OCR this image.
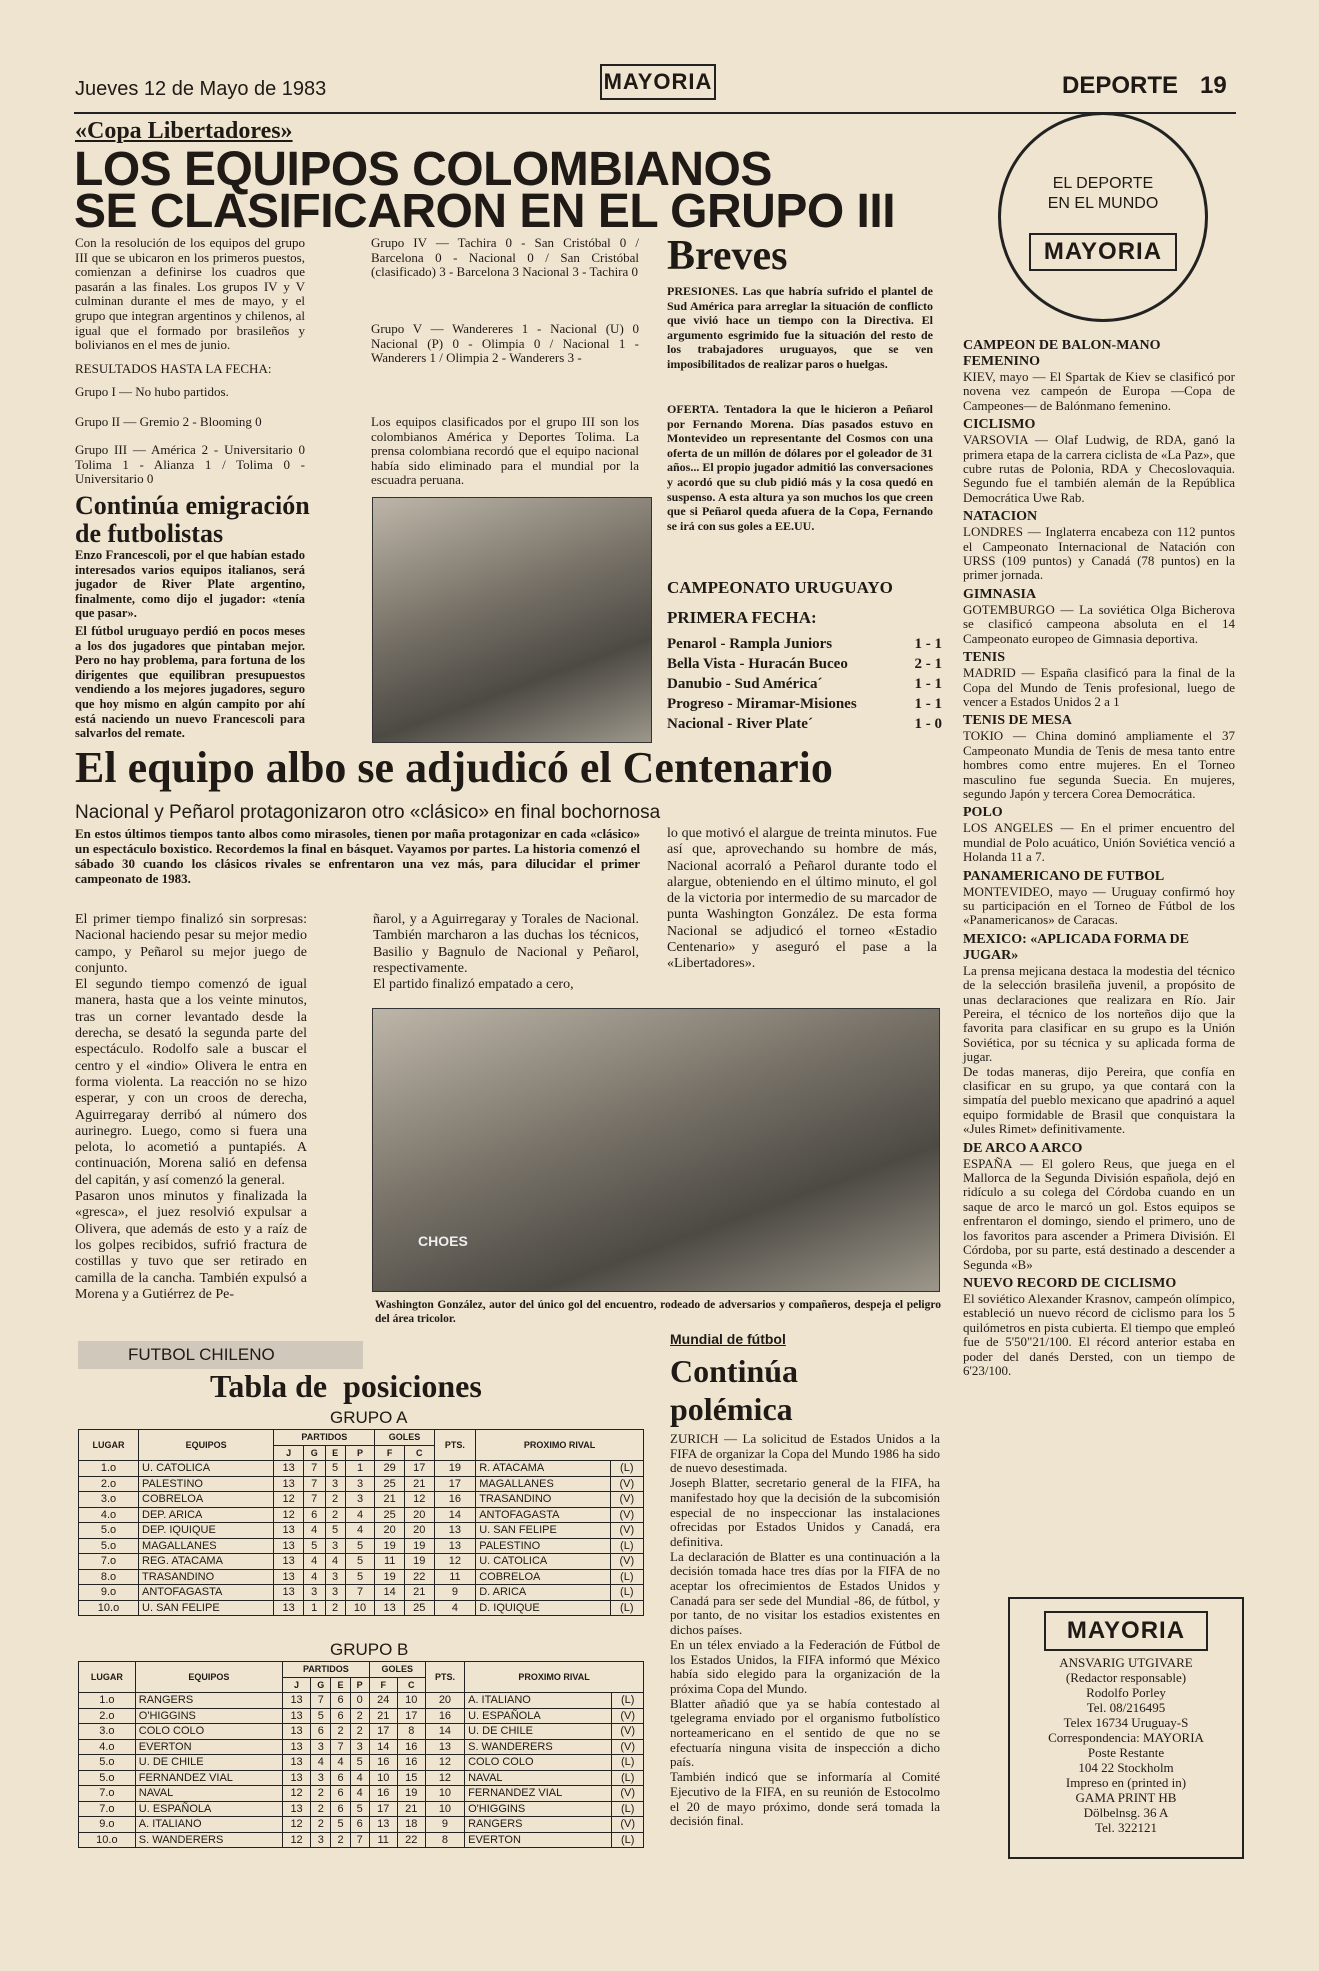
Jueves 12 de Mayo de 1983	MAYORIA	DEPORTE 19
«Copa Libertadores»
LOS EQUIPOS COLOMBIANOS
SE CLASIFICARON EN EL GRUPO III
EL DEPORTE
EN EL MUNDO
MAYORIA
Con la resolución de los equipos del grupo III que se ubicaron en los primeros puestos, comienzan a definirse los cuadros que pasarán a las finales. Los grupos IV y V culminan durante el mes de mayo, y el grupo que integran argentinos y chilenos, al igual que el formado por brasileños y bolivianos en el mes de junio.
RESULTADOS HASTA LA FECHA:
Grupo I — No hubo partidos.
Grupo II — Gremio 2 - Blooming 0
Grupo III — América 2 - Universitario 0 Tolima 1 - Alianza 1 / Tolima 0 - Universitario 0
Continúa emigración de futbolistas
Enzo Francescoli, por el que habían estado interesados varios equipos italianos, será jugador de River Plate argentino, finalmente, como dijo el jugador: «tenía que pasar».
El fútbol uruguayo perdió en pocos meses a los dos jugadores que pintaban mejor. Pero no hay problema, para fortuna de los dirigentes que equilibran presupuestos vendiendo a los mejores jugadores, seguro que hoy mismo en algún campito por ahí está naciendo un nuevo Francescoli para salvarlos del remate.
Grupo IV — Tachira 0 - San Cristóbal 0 / Barcelona 0 - Nacional 0 / San Cristóbal (clasificado) 3 - Barcelona 3 Nacional 3 - Tachira 0
Grupo V — Wandereres 1 - Nacional (U) 0 Nacional (P) 0 - Olimpia 0 / Nacional 1 - Wanderers 1 / Olimpia 2 - Wanderers 3 -
Los equipos clasificados por el grupo III son los colombianos América y Deportes Tolima. La prensa colombiana recordó que el equipo nacional había sido eliminado para el mundial por la escuadra peruana.
Breves
PRESIONES. Las que habría sufrido el plantel de Sud América para arreglar la situación de conflicto que vivió hace un tiempo con la Directiva. El argumento esgrimido fue la situación del resto de los trabajadores uruguayos, que se ven imposibilitados de realizar paros o huelgas.
OFERTA. Tentadora la que le hicieron a Peñarol por Fernando Morena. Días pasados estuvo en Montevideo un representante del Cosmos con una oferta de un millón de dólares por el goleador de 31 años... El propio jugador admitió las conversaciones y acordó que su club pidió más y la cosa quedó en suspenso. A esta altura ya son muchos los que creen que si Peñarol queda afuera de la Copa, Fernando se irá con sus goles a EE.UU.
CAMPEONATO URUGUAYO
PRIMERA FECHA:
Penarol - Rampla Juniors	1 - 1
Bella Vista - Huracán Buceo	2 - 1
Danubio - Sud América´	1 - 1
Progreso - Miramar-Misiones	1 - 1
Nacional - River Plate´	1 - 0
El equipo albo se adjudicó el Centenario
Nacional y Peñarol protagonizaron otro «clásico» en final bochornosa
En estos últimos tiempos tanto albos como mirasoles, tienen por maña protagonizar en cada «clásico» un espectáculo boxistico. Recordemos la final en básquet. Vayamos por partes. La historia comenzó el sábado 30 cuando los clásicos rivales se enfrentaron una vez más, para dilucidar el primer campeonato de 1983.
El primer tiempo finalizó sin sorpresas: Nacional haciendo pesar su mejor medio campo, y Peñarol su mejor juego de conjunto.
El segundo tiempo comenzó de igual manera, hasta que a los veinte minutos, tras un corner levantado desde la derecha, se desató la segunda parte del espectáculo. Rodolfo sale a buscar el centro y el «indio» Olivera le entra en forma violenta. La reacción no se hizo esperar, y con un croos de derecha, Aguirregaray derribó al número dos aurinegro. Luego, como si fuera una pelota, lo acometió a puntapiés. A continuación, Morena salió en defensa del capitán, y así comenzó la general.
Pasaron unos minutos y finalizada la «gresca», el juez resolvió expulsar a Olivera, que además de esto y a raíz de los golpes recibidos, sufrió fractura de costillas y tuvo que ser retirado en camilla de la cancha. También expulsó a Morena y a Gutiérrez de Pe-
ñarol, y a Aguirregaray y Torales de Nacional. También marcharon a las duchas los técnicos, Basilio y Bagnulo de Nacional y Peñarol, respectivamente.
El partido finalizó empatado a cero,
lo que motivó el alargue de treinta minutos. Fue así que, aprovechando su hombre de más, Nacional acorraló a Peñarol durante todo el alargue, obteniendo en el último minuto, el gol de la victoria por intermedio de su marcador de punta Washington González. De esta forma Nacional se adjudicó el torneo «Estadio Centenario» y aseguró el pase a la «Libertadores».
CHOES
Washington González, autor del único gol del encuentro, rodeado de adversarios y compañeros, despeja el peligro del área tricolor.
FUTBOL CHILENO
Tabla de  posiciones
GRUPO A
LUGAR	EQUIPOS	PARTIDOS				GOLES		PTS.	PROXIMO RIVAL	
		J	G	E	P	F	C			
1.o	U. CATOLICA	13	7	5	1	29	17	19	R. ATACAMA	(L)
2.o	PALESTINO	13	7	3	3	25	21	17	MAGALLANES	(V)
3.o	COBRELOA	12	7	2	3	21	12	16	TRASANDINO	(V)
4.o	DEP. ARICA	12	6	2	4	25	20	14	ANTOFAGASTA	(V)
5.o	DEP. IQUIQUE	13	4	5	4	20	20	13	U. SAN FELIPE	(V)
5.o	MAGALLANES	13	5	3	5	19	19	13	PALESTINO	(L)
7.o	REG. ATACAMA	13	4	4	5	11	19	12	U. CATOLICA	(V)
8.o	TRASANDINO	13	4	3	5	19	22	11	COBRELOA	(L)
9.o	ANTOFAGASTA	13	3	3	7	14	21	9	D. ARICA	(L)
10.o	U. SAN FELIPE	13	1	2	10	13	25	4	D. IQUIQUE	(L)
GRUPO B
LUGAR	EQUIPOS	PARTIDOS				GOLES		PTS.	PROXIMO RIVAL	
		J	G	E	P	F	C			
1.o	RANGERS	13	7	6	0	24	10	20	A. ITALIANO	(L)
2.o	O'HIGGINS	13	5	6	2	21	17	16	U. ESPAÑOLA	(V)
3.o	COLO COLO	13	6	2	2	17	8	14	U. DE CHILE	(V)
4.o	EVERTON	13	3	7	3	14	16	13	S. WANDERERS	(V)
5.o	U. DE CHILE	13	4	4	5	16	16	12	COLO COLO	(L)
5.o	FERNANDEZ VIAL	13	3	6	4	10	15	12	NAVAL	(L)
7.o	NAVAL	12	2	6	4	16	19	10	FERNANDEZ VIAL	(V)
7.o	U. ESPAÑOLA	13	2	6	5	17	21	10	O'HIGGINS	(L)
9.o	A. ITALIANO	12	2	5	6	13	18	9	RANGERS	(V)
10.o	S. WANDERERS	12	3	2	7	11	22	8	EVERTON	(L)
Mundial de fútbol
Continúa polémica
ZURICH — La solicitud de Estados Unidos a la FIFA de organizar la Copa del Mundo 1986 ha sido de nuevo desestimada.
Joseph Blatter, secretario general de la FIFA, ha manifestado hoy que la decisión de la subcomisión especial de no inspeccionar las instalaciones ofrecidas por Estados Unidos y Canadá, era definitiva.
La declaración de Blatter es una continuación a la decisión tomada hace tres días por la FIFA de no aceptar los ofrecimientos de Estados Unidos y Canadá para ser sede del Mundial -86, de fútbol, y por tanto, de no visitar los estadios existentes en dichos países.
En un télex enviado a la Federación de Fútbol de los Estados Unidos, la FIFA informó que México había sido elegido para la organización de la próxima Copa del Mundo.
Blatter añadió que ya se había contestado al tgelegrama enviado por el organismo futbolístico norteamericano en el sentido de que no se efectuaría ninguna visita de inspección a dicho país.
También indicó que se informaría al Comité Ejecutivo de la FIFA, en su reunión de Estocolmo el 20 de mayo próximo, donde será tomada la decisión final.
CAMPEON DE BALON-MANO FEMENINO
KIEV, mayo — El Spartak de Kiev se clasificó por novena vez campeón de Europa —Copa de Campeones— de Balónmano femenino.
CICLISMO
VARSOVIA — Olaf Ludwig, de RDA, ganó la primera etapa de la carrera ciclista de «La Paz», que cubre rutas de Polonia, RDA y Checoslovaquia. Segundo fue el también alemán de la República Democrática Uwe Rab.
NATACION
LONDRES — Inglaterra encabeza con 112 puntos el Campeonato Internacional de Natación con URSS (109 puntos) y Canadá (78 puntos) en la primer jornada.
GIMNASIA
GOTEMBURGO — La soviética Olga Bicherova se clasificó campeona absoluta en el 14 Campeonato europeo de Gimnasia deportiva.
TENIS
MADRID — España clasificó para la final de la Copa del Mundo de Tenis profesional, luego de vencer a Estados Unidos 2 a 1
TENIS DE MESA
TOKIO — China dominó ampliamente el 37 Campeonato Mundia de Tenis de mesa tanto entre hombres como entre mujeres. En el Torneo masculino fue segunda Suecia. En mujeres, segundo Japón y tercera Corea Democrática.
POLO
LOS ANGELES — En el primer encuentro del mundial de Polo acuático, Unión Soviética venció a Holanda 11 a 7.
PANAMERICANO DE FUTBOL
MONTEVIDEO, mayo — Uruguay confirmó hoy su participación en el Torneo de Fútbol de los «Panamericanos» de Caracas.
MEXICO: «APLICADA FORMA DE JUGAR»
La prensa mejicana destaca la modestia del técnico de la selección brasileña juvenil, a propósito de unas declaraciones que realizara en Río. Jair Pereira, el técnico de los norteños dijo que la favorita para clasificar en su grupo es la Unión Soviética, por su técnica y su aplicada forma de jugar.
De todas maneras, dijo Pereira, que confía en clasificar en su grupo, ya que contará con la simpatía del pueblo mexicano que apadrinó a aquel equipo formidable de Brasil que conquistara la «Jules Rimet» definitivamente.
DE ARCO A ARCO
ESPAÑA — El golero Reus, que juega en el Mallorca de la Segunda División española, dejó en ridículo a su colega del Córdoba cuando en un saque de arco le marcó un gol. Estos equipos se enfrentaron el domingo, siendo el primero, uno de los favoritos para ascender a Primera División. El Córdoba, por su parte, está destinado a descender a Segunda «B»
NUEVO RECORD DE CICLISMO
El soviético Alexander Krasnov, campeón olímpico, estableció un nuevo récord de ciclismo para los 5 quilómetros en pista cubierta. El tiempo que empleó fue de 5'50"21/100. El récord anterior estaba en poder del danés Dersted, con un tiempo de 6'23/100.
MAYORIA
ANSVARIG UTGIVARE
(Redactor responsable)
Rodolfo Porley
Tel. 08/216495
Telex 16734 Uruguay-S
Correspondencia: MAYORIA
Poste Restante
104 22 Stockholm
Impreso en (printed in)
GAMA PRINT HB
Dölbelnsg. 36 A
Tel. 322121
